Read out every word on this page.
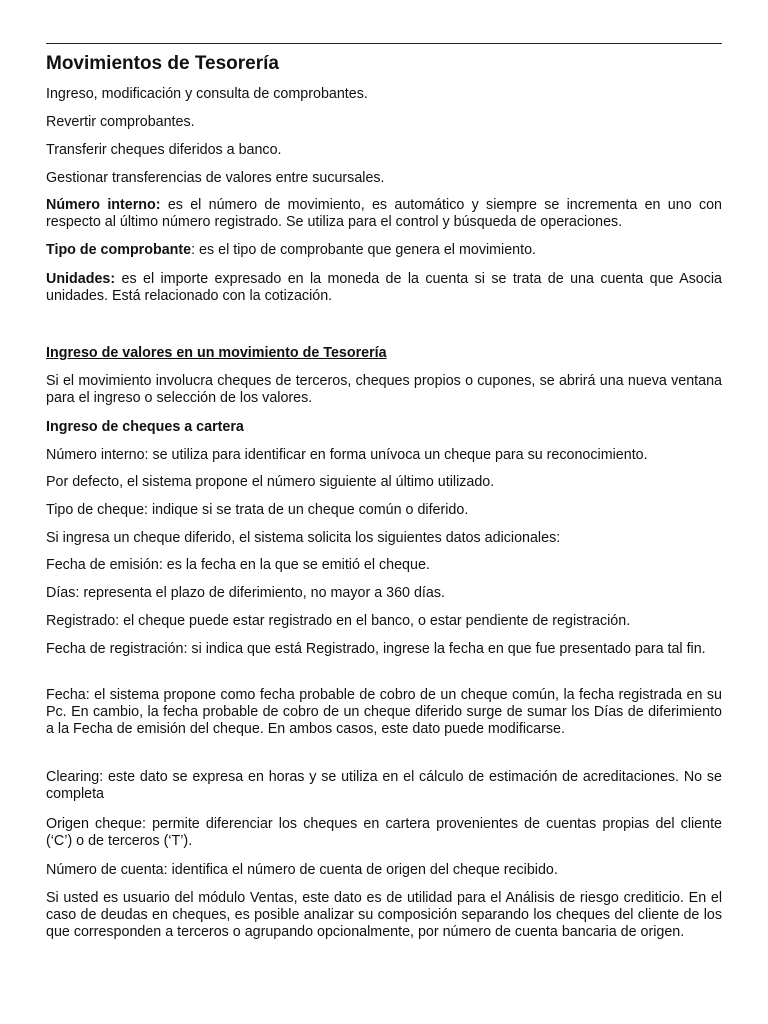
Movimientos de Tesorería

Ingreso, modificación y consulta de comprobantes.

Revertir comprobantes.

Transferir cheques diferidos a banco.

Gestionar transferencias de valores entre sucursales.

Número interno: es el número de movimiento, es automático y siempre se incrementa en uno con respecto al último número registrado. Se utiliza para el control y búsqueda de operaciones.

Tipo de comprobante: es el tipo de comprobante que genera el movimiento.

Unidades: es el importe expresado en la moneda de la cuenta si se trata de una cuenta que Asocia unidades. Está relacionado con la cotización.

Ingreso de valores en un movimiento de Tesorería

Si el movimiento involucra cheques de terceros, cheques propios o cupones, se abrirá una nueva ventana para el ingreso o selección de los valores.

Ingreso de cheques a cartera

Número interno: se utiliza para identificar en forma unívoca un cheque para su reconocimiento.

Por defecto, el sistema propone el número siguiente al último utilizado.

Tipo de cheque: indique si se trata de un cheque común o diferido.

Si ingresa un cheque diferido, el sistema solicita los siguientes datos adicionales:

Fecha de emisión: es la fecha en la que se emitió el cheque.

Días: representa el plazo de diferimiento, no mayor a 360 días.

Registrado: el cheque puede estar registrado en el banco, o estar pendiente de registración.

Fecha de registración: si indica que está Registrado, ingrese la fecha en que fue presentado para tal fin.

Fecha: el sistema propone como fecha probable de cobro de un cheque común, la fecha registrada en su Pc. En cambio, la fecha probable de cobro de un cheque diferido surge de sumar los Días de diferimiento a la Fecha de emisión del cheque. En ambos casos, este dato puede modificarse.

Clearing: este dato se expresa en horas y se utiliza en el cálculo de estimación de acreditaciones. No se completa

Origen cheque: permite diferenciar los cheques en cartera provenientes de cuentas propias del cliente (‘C’) o de terceros (‘T’).

Número de cuenta: identifica el número de cuenta de origen del cheque recibido.

Si usted es usuario del módulo Ventas, este dato es de utilidad para el Análisis de riesgo crediticio. En el caso de deudas en cheques, es posible analizar su composición separando los cheques del cliente de los que corresponden a terceros o agrupando opcionalmente, por número de cuenta bancaria de origen.
